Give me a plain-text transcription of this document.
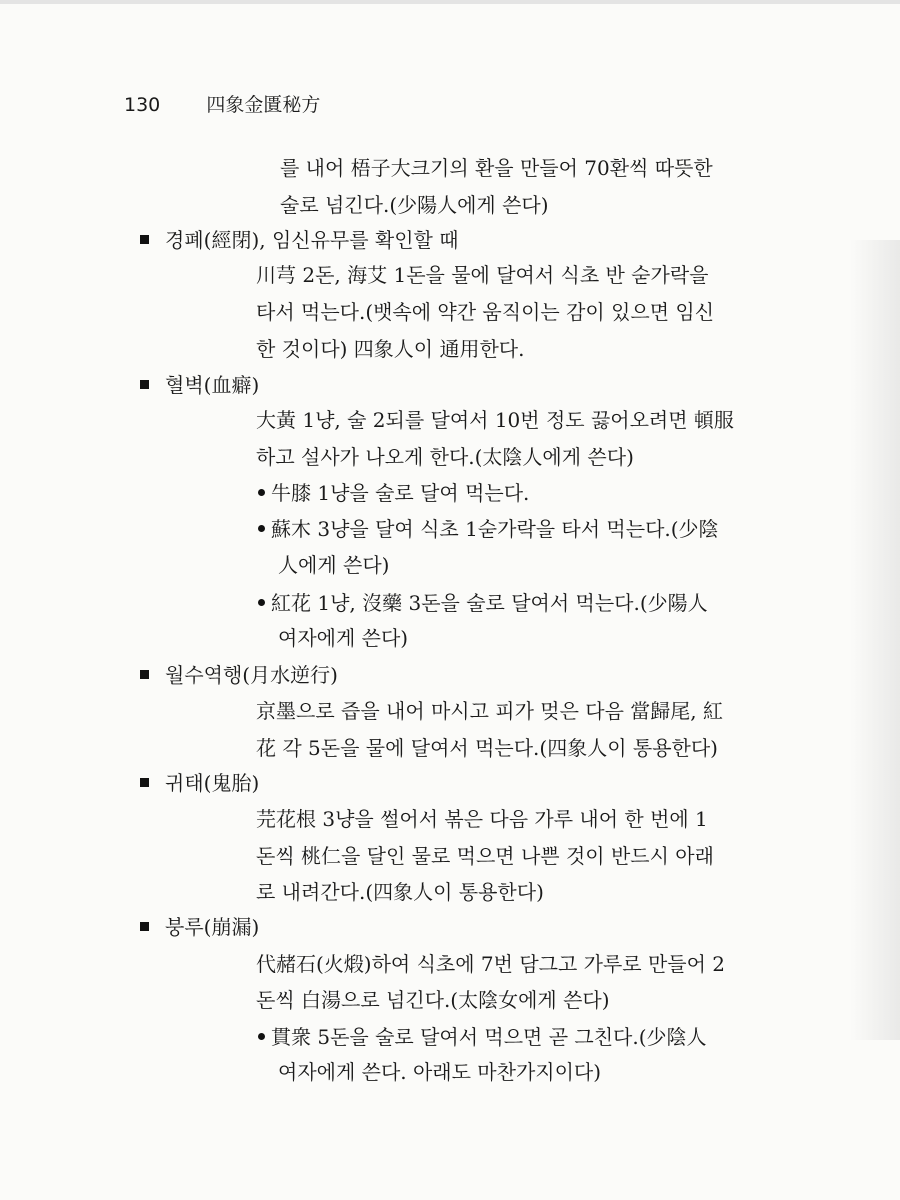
130 四象金匱秘方
를 내어 梧子大크기의 환을 만들어 70환씩 따뜻한
술로 넘긴다.(少陽人에게 쓴다)
경폐(經閉), 임신유무를 확인할 때
川芎 2돈, 海艾 1돈을 물에 달여서 식초 반 숟가락을
타서 먹는다.(뱃속에 약간 움직이는 감이 있으면 임신
한 것이다) 四象人이 通用한다.
혈벽(血癖)
大黃 1냥, 술 2되를 달여서 10번 정도 끓어오려면 頓服
하고 설사가 나오게 한다.(太陰人에게 쓴다)
牛膝 1냥을 술로 달여 먹는다.
蘇木 3냥을 달여 식초 1숟가락을 타서 먹는다.(少陰
人에게 쓴다)
紅花 1냥, 沒藥 3돈을 술로 달여서 먹는다.(少陽人
여자에게 쓴다)
월수역행(月水逆行)
京墨으로 즙을 내어 마시고 피가 멎은 다음 當歸尾, 紅
花 각 5돈을 물에 달여서 먹는다.(四象人이 통용한다)
귀태(鬼胎)
芫花根 3냥을 썰어서 볶은 다음 가루 내어 한 번에 1
돈씩 桃仁을 달인 물로 먹으면 나쁜 것이 반드시 아래
로 내려간다.(四象人이 통용한다)
붕루(崩漏)
代赭石(火煅)하여 식초에 7번 담그고 가루로 만들어 2
돈씩 白湯으로 넘긴다.(太陰女에게 쓴다)
貫衆 5돈을 술로 달여서 먹으면 곧 그친다.(少陰人
여자에게 쓴다. 아래도 마찬가지이다)
